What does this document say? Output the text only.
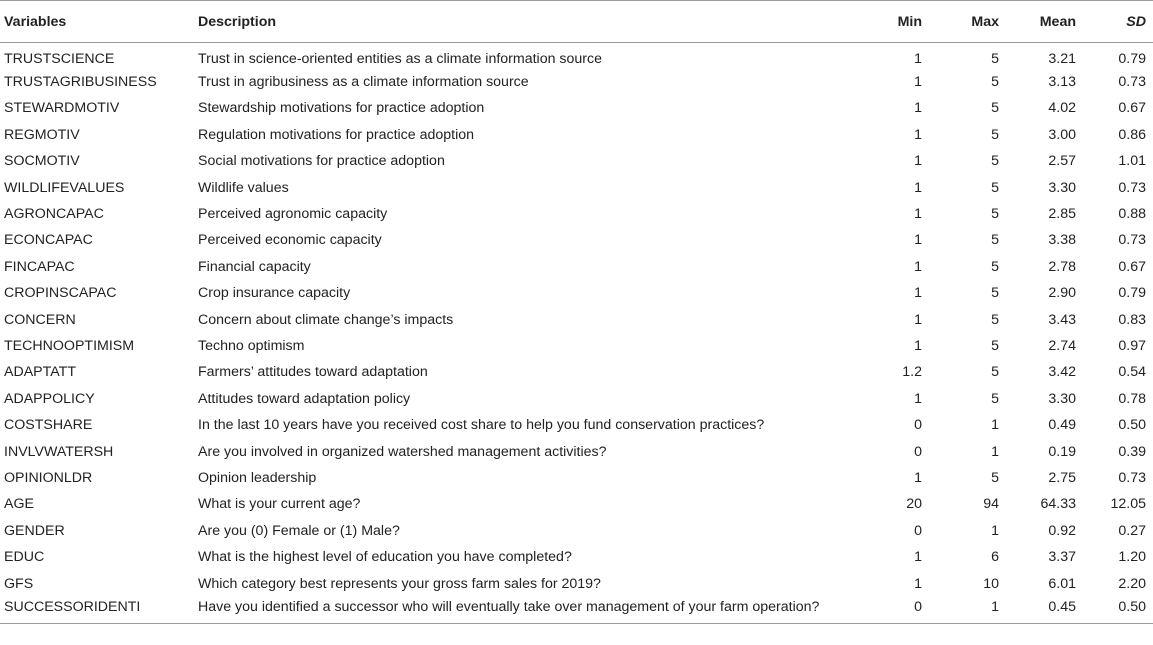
Variables	Description	Min	Max	Mean	SD
TRUSTSCIENCE	Trust in science-oriented entities as a climate information source	1	5	3.21	0.79
TRUSTAGRIBUSINESS	Trust in agribusiness as a climate information source	1	5	3.13	0.73
STEWARDMOTIV	Stewardship motivations for practice adoption	1	5	4.02	0.67
REGMOTIV	Regulation motivations for practice adoption	1	5	3.00	0.86
SOCMOTIV	Social motivations for practice adoption	1	5	2.57	1.01
WILDLIFEVALUES	Wildlife values	1	5	3.30	0.73
AGRONCAPAC	Perceived agronomic capacity	1	5	2.85	0.88
ECONCAPAC	Perceived economic capacity	1	5	3.38	0.73
FINCAPAC	Financial capacity	1	5	2.78	0.67
CROPINSCAPAC	Crop insurance capacity	1	5	2.90	0.79
CONCERN	Concern about climate change’s impacts	1	5	3.43	0.83
TECHNOOPTIMISM	Techno optimism	1	5	2.74	0.97
ADAPTATT	Farmers’ attitudes toward adaptation	1.2	5	3.42	0.54
ADAPPOLICY	Attitudes toward adaptation policy	1	5	3.30	0.78
COSTSHARE	In the last 10 years have you received cost share to help you fund conservation practices?	0	1	0.49	0.50
INVLVWATERSH	Are you involved in organized watershed management activities?	0	1	0.19	0.39
OPINIONLDR	Opinion leadership	1	5	2.75	0.73
AGE	What is your current age?	20	94	64.33	12.05
GENDER	Are you (0) Female or (1) Male?	0	1	0.92	0.27
EDUC	What is the highest level of education you have completed?	1	6	3.37	1.20
GFS	Which category best represents your gross farm sales for 2019?	1	10	6.01	2.20
SUCCESSORIDENTI	Have you identified a successor who will eventually take over management of your farm operation?	0	1	0.45	0.50
